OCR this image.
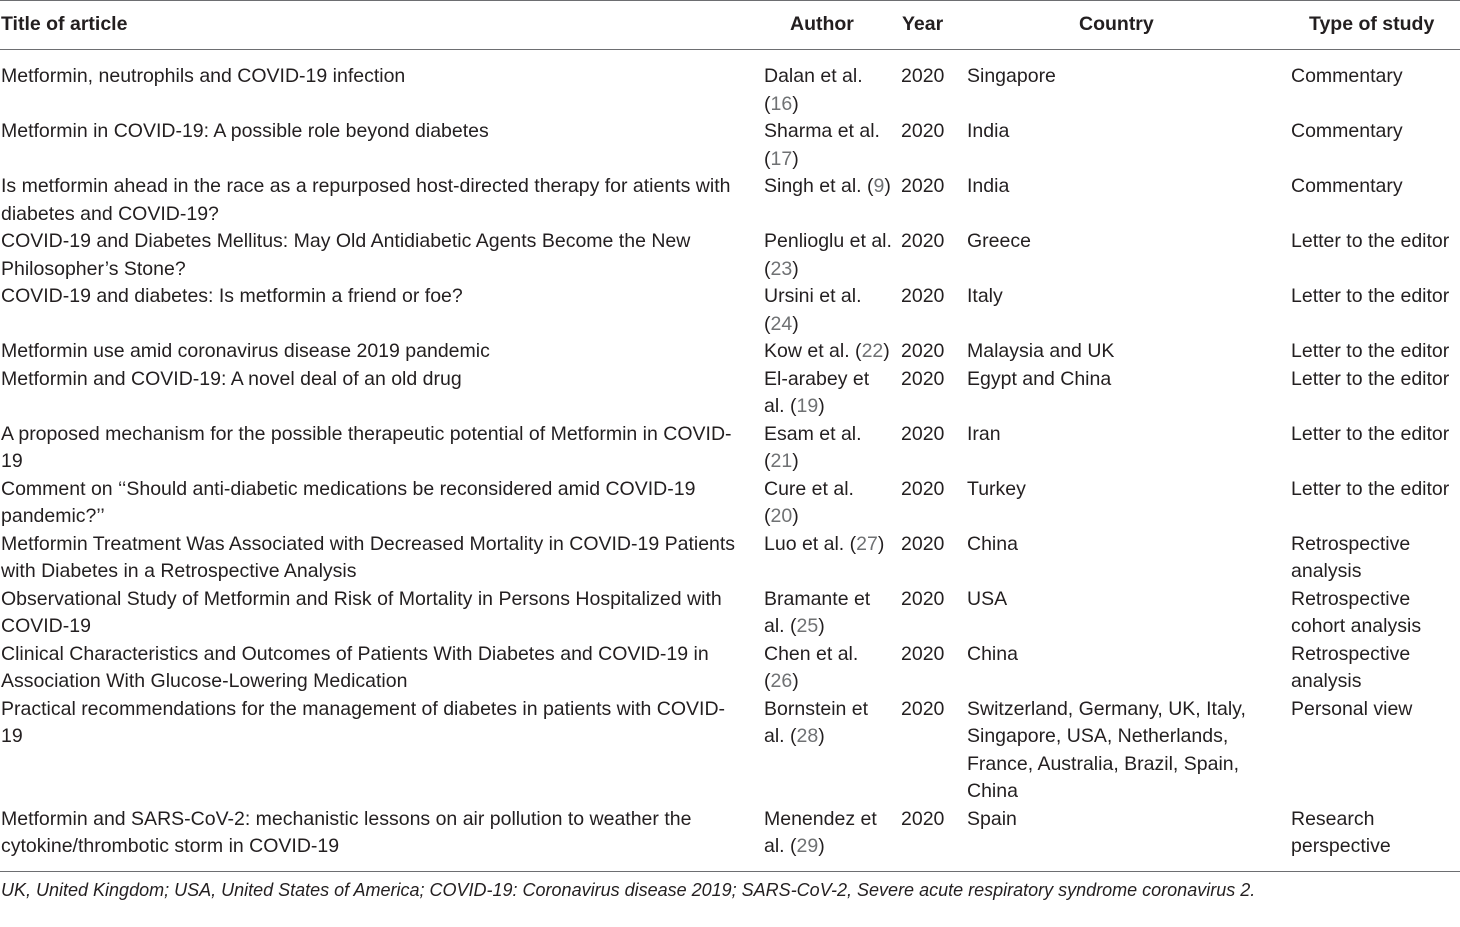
Title of article	Author	Year	Country	Type of study
Metformin, neutrophils and COVID-19 infection	Dalan et al. (16)	2020	Singapore	Commentary
Metformin in COVID-19: A possible role beyond diabetes	Sharma et al. (17)	2020	India	Commentary
Is metformin ahead in the race as a repurposed host-directed therapy for atients with diabetes and COVID-19?	Singh et al. (9)	2020	India	Commentary
COVID-19 and Diabetes Mellitus: May Old Antidiabetic Agents Become the New Philosopher’s Stone?	Penlioglu et al. (23)	2020	Greece	Letter to the editor
COVID-19 and diabetes: Is metformin a friend or foe?	Ursini et al. (24)	2020	Italy	Letter to the editor
Metformin use amid coronavirus disease 2019 pandemic	Kow et al. (22)	2020	Malaysia and UK	Letter to the editor
Metformin and COVID-19: A novel deal of an old drug	El-arabey et al. (19)	2020	Egypt and China	Letter to the editor
A proposed mechanism for the possible therapeutic potential of Metformin in COVID-19	Esam et al. (21)	2020	Iran	Letter to the editor
Comment on ‘‘Should anti-diabetic medications be reconsidered amid COVID-19 pandemic?’’	Cure et al. (20)	2020	Turkey	Letter to the editor
Metformin Treatment Was Associated with Decreased Mortality in COVID-19 Patients with Diabetes in a Retrospective Analysis	Luo et al. (27)	2020	China	Retrospective analysis
Observational Study of Metformin and Risk of Mortality in Persons Hospitalized with COVID-19	Bramante et al. (25)	2020	USA	Retrospective cohort analysis
Clinical Characteristics and Outcomes of Patients With Diabetes and COVID-19 in Association With Glucose-Lowering Medication	Chen et al. (26)	2020	China	Retrospective analysis
Practical recommendations for the management of diabetes in patients with COVID-19	Bornstein et al. (28)	2020	Switzerland, Germany, UK, Italy, Singapore, USA, Netherlands, France, Australia, Brazil, Spain, China	Personal view
Metformin and SARS-CoV-2: mechanistic lessons on air pollution to weather the cytokine/thrombotic storm in COVID-19	Menendez et al. (29)	2020	Spain	Research perspective
UK, United Kingdom; USA, United States of America; COVID-19: Coronavirus disease 2019; SARS-CoV-2, Severe acute respiratory syndrome coronavirus 2.
